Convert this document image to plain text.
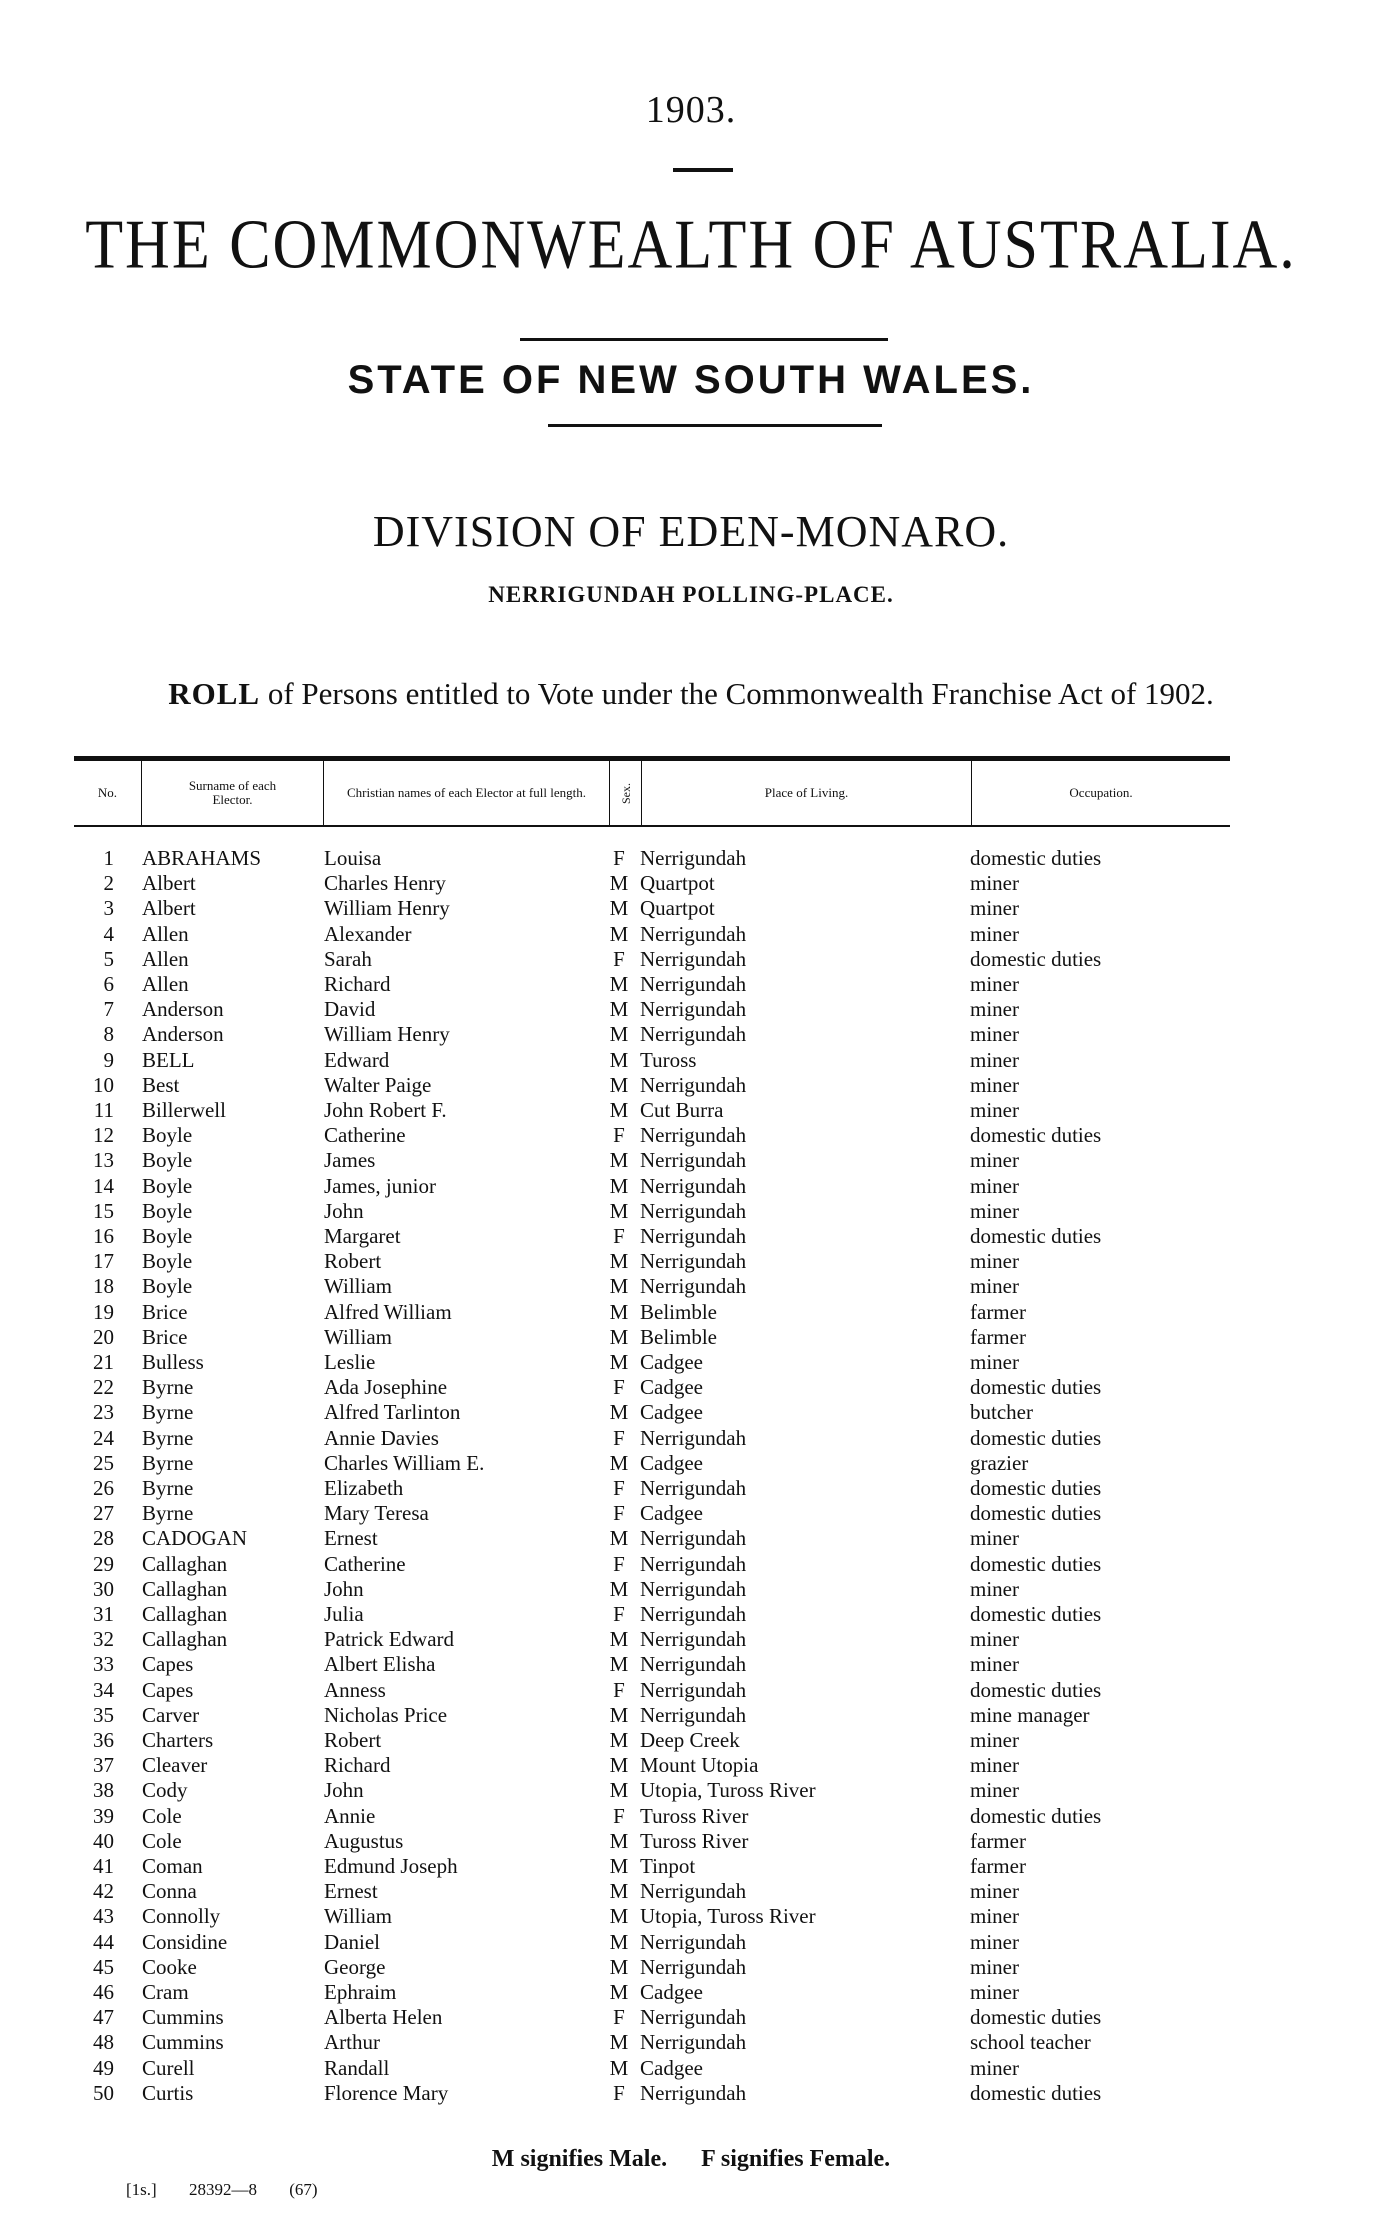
1903.
THE COMMONWEALTH OF AUSTRALIA.
STATE OF NEW SOUTH WALES.
DIVISION OF EDEN-MONARO.
NERRIGUNDAH POLLING-PLACE.
ROLL of Persons entitled to Vote under the Commonwealth Franchise Act of 1902.
No.	Surname of each Elector.	Christian names of each Elector at full length.	Sex.	Place of Living.	Occupation.
1 ABRAHAMS	Louisa	F Nerrigundah	domestic duties
2 Albert	Charles Henry	M Quartpot	miner
3 Albert	William Henry	M Quartpot	miner
4 Allen	Alexander	M Nerrigundah	miner
5 Allen	Sarah	F Nerrigundah	domestic duties
6 Allen	Richard	M Nerrigundah	miner
7 Anderson	David	M Nerrigundah	miner
8 Anderson	William Henry	M Nerrigundah	miner
9 BELL	Edward	M Tuross	miner
10 Best	Walter Paige	M Nerrigundah	miner
11 Billerwell	John Robert F.	M Cut Burra	miner
12 Boyle	Catherine	F Nerrigundah	domestic duties
13 Boyle	James	M Nerrigundah	miner
14 Boyle	James, junior	M Nerrigundah	miner
15 Boyle	John	M Nerrigundah	miner
16 Boyle	Margaret	F Nerrigundah	domestic duties
17 Boyle	Robert	M Nerrigundah	miner
18 Boyle	William	M Nerrigundah	miner
19 Brice	Alfred William	M Belimble	farmer
20 Brice	William	M Belimble	farmer
21 Bulless	Leslie	M Cadgee	miner
22 Byrne	Ada Josephine	F Cadgee	domestic duties
23 Byrne	Alfred Tarlinton	M Cadgee	butcher
24 Byrne	Annie Davies	F Nerrigundah	domestic duties
25 Byrne	Charles William E.	M Cadgee	grazier
26 Byrne	Elizabeth	F Nerrigundah	domestic duties
27 Byrne	Mary Teresa	F Cadgee	domestic duties
28 CADOGAN	Ernest	M Nerrigundah	miner
29 Callaghan	Catherine	F Nerrigundah	domestic duties
30 Callaghan	John	M Nerrigundah	miner
31 Callaghan	Julia	F Nerrigundah	domestic duties
32 Callaghan	Patrick Edward	M Nerrigundah	miner
33 Capes	Albert Elisha	M Nerrigundah	miner
34 Capes	Anness	F Nerrigundah	domestic duties
35 Carver	Nicholas Price	M Nerrigundah	mine manager
36 Charters	Robert	M Deep Creek	miner
37 Cleaver	Richard	M Mount Utopia	miner
38 Cody	John	M Utopia, Tuross River	miner
39 Cole	Annie	F Tuross River	domestic duties
40 Cole	Augustus	M Tuross River	farmer
41 Coman	Edmund Joseph	M Tinpot	farmer
42 Conna	Ernest	M Nerrigundah	miner
43 Connolly	William	M Utopia, Tuross River	miner
44 Considine	Daniel	M Nerrigundah	miner
45 Cooke	George	M Nerrigundah	miner
46 Cram	Ephraim	M Cadgee	miner
47 Cummins	Alberta Helen	F Nerrigundah	domestic duties
48 Cummins	Arthur	M Nerrigundah	school teacher
49 Curell	Randall	M Cadgee	miner
50 Curtis	Florence Mary	F Nerrigundah	domestic duties
M signifies Male. F signifies Female.
[1s.] 28392—8 (67)
